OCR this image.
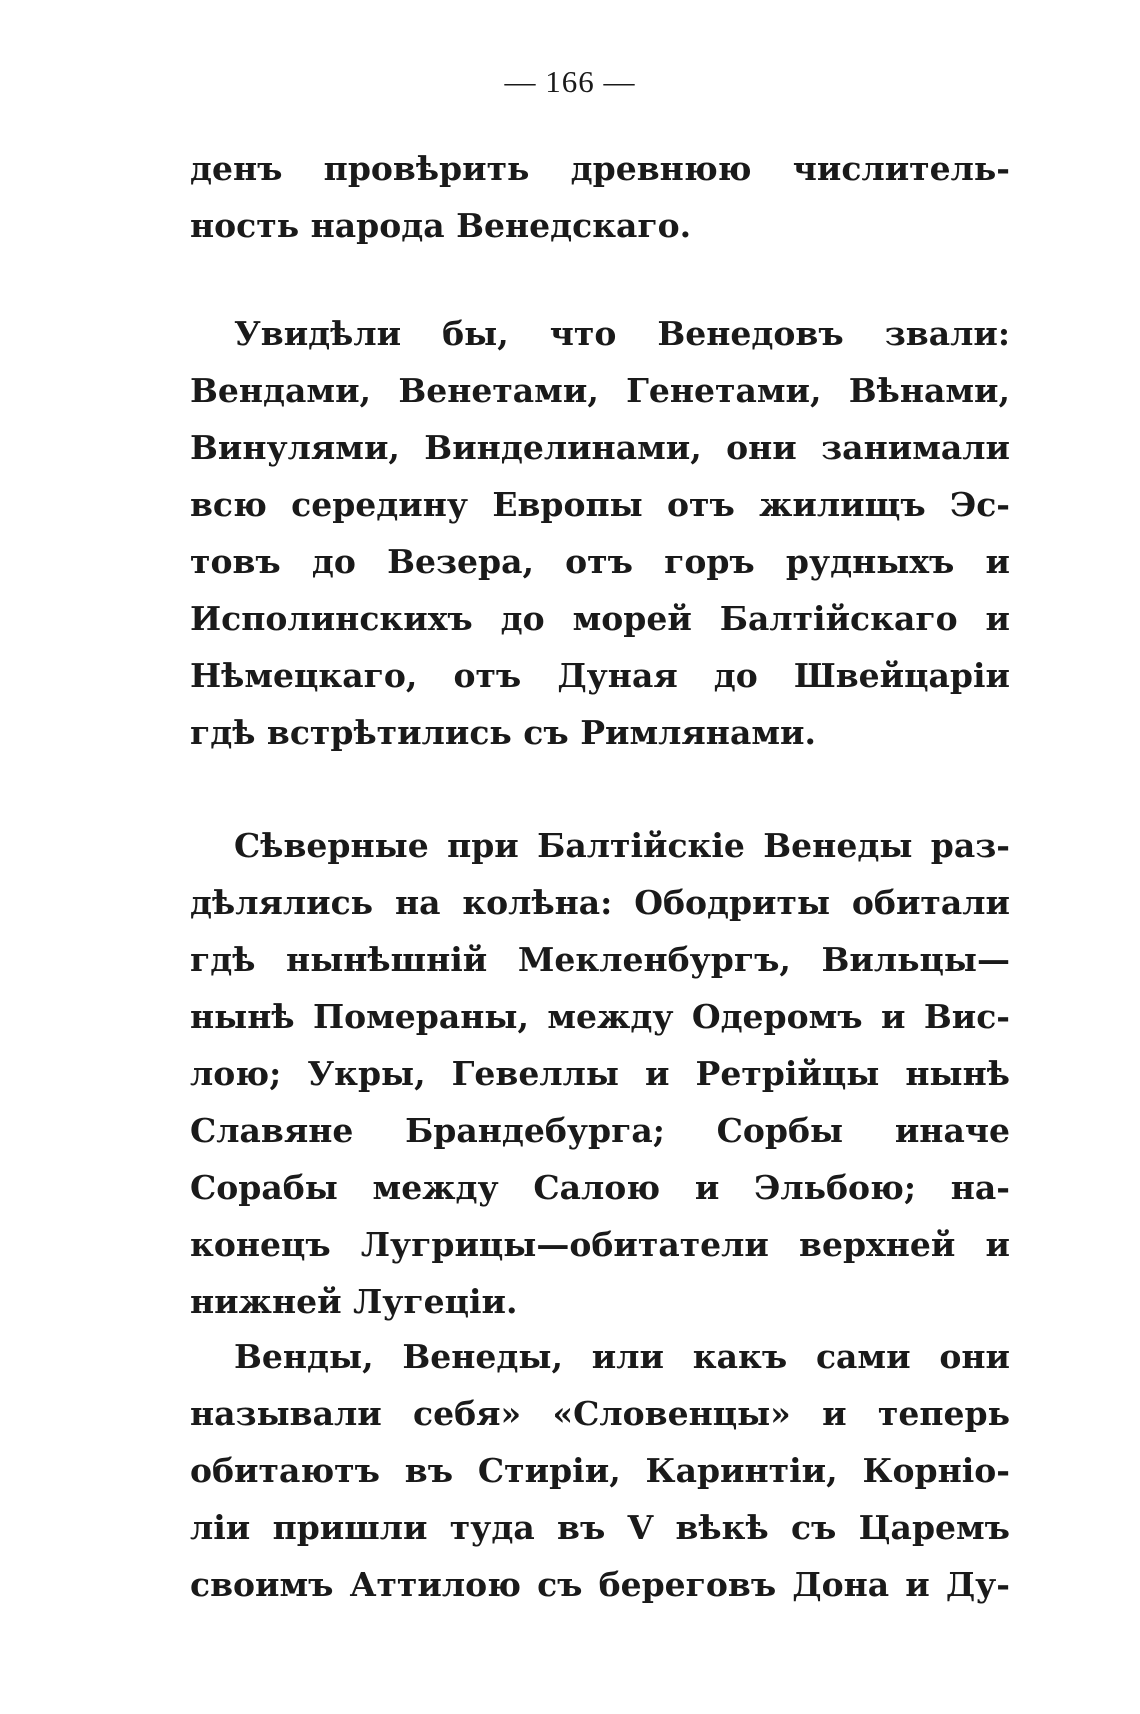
— 166 —
денъ провѣрить древнюю числитель-
ность народа Венедскаго.
Увидѣли бы, что Венедовъ звали:
Вендами, Венетами, Генетами, Вѣнами,
Винулями, Винделинами, они занимали
всю середину Европы отъ жилищъ Эс-
товъ до Везера, отъ горъ рудныхъ и
Исполинскихъ до морей Балтійскаго и
Нѣмецкаго, отъ Дуная до Швейцаріи
гдѣ встрѣтились съ Римлянами.
Сѣверные при Балтійскіе Венеды раз-
дѣлялись на колѣна: Ободриты обитали
гдѣ нынѣшній Мекленбургъ, Вильцы—
нынѣ Померaны, между Одеромъ и Вис-
лою; Укры, Гевеллы и Ретрійцы нынѣ
Славяне Брандебурга; Сорбы иначе
Сорабы между Салою и Эльбою; на-
конецъ Лугрицы—обитатели верхней и
нижней Лугеціи.
Венды, Венеды, или какъ сами они
называли себя» «Словенцы» и теперь
обитаютъ въ Стиріи, Каринтіи, Корніо-
ліи пришли туда въ V вѣкѣ съ Царемъ
своимъ Аттилою съ береговъ Дона и Ду-
